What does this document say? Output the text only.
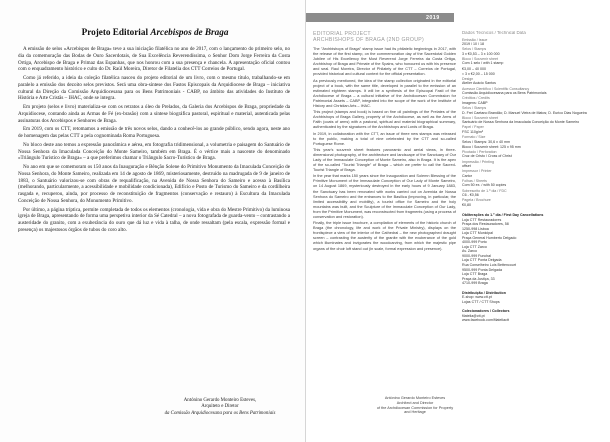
Projeto Editorial Arcebispos de Braga

A emissão de selos «Arcebispos de Braga» teve a sua iniciação filatélica no ano de 2017, com o lançamento do primeiro selo, no dia da comemoração das Bodas de Ouro Sacerdotais, de Sua Excelência Reverendíssima, o Senhor Dom Jorge Ferreira da Costa Ortiga, Arcebispo de Braga e Primaz das Espanhas, que nos honrou com a sua presença e chancela. A apresentação oficial contou com o enquadramento histórico e culto do Dr. Raúl Moreira, Diretor de Filatelia dos CTT Correios de Portugal.

Como já referido, a ideia da coleção filatélica nasceu do projeto editorial de um livro, com o mesmo título, trabalhando-se em paralelo a emissão dos dezoito selos previstos. Será uma obra-síntese dos Fastos Episcopais da Arquidiocese de Braga – iniciativa cultural da Direção da Comissão Arquidiocesana para os Bens Patrimoniais - CABP, no âmbito das atividades do Instituto de História e Arte Cristãs – IHAC, onde se integra.

Em projeto (selos e livro) materializa-se com os retratos a óleo do Prelados, da Galeria dos Arcebispos de Braga, propriedade da Arquidiocese, contando ainda as Armas de Fé (ex-brasão) com a síntese biográfica pastoral, espiritual e material, autenticada pelas assinaturas dos Arcebispos e Senhores de Braga.

Em 2019, com os CTT, retomamos a emissão de três novos selos, dando a conhecê-los ao grande público, sendo agora, neste ano de homenagem das pelas CTT a pela cognominada Roma Portuguesa.

No bloco deste ano temos a expressão panorâmica e aérea, em fotografia tridimensional, a volumetria e paisagem do Santuário de Nossa Senhora da Imaculada Conceição do Monte Sameiro, também em Braga. É o vértice mais a nascente do denominado «Triângulo Turístico de Braga» – a que preferimos chamar o Triângulo Sacro-Turístico de Braga.

No ano em que se comemoram os 150 anos da Inauguração e Bênção Solene do Primitivo Monumento da Imaculada Conceição de Nossa Senhora, do Monte Sameiro, realizada em 14 de agosto de 1869, misteriosamente, destruído na madrugada de 9 de janeiro de 1883, o Santuário valorizou-se com obras de requalificação, na Avenida de Nossa Senhora do Sameiro e acesso à Basílica (melhorando, particularmente, a acessibilidade e mobilidade condicionada), Edifício e Posto de Turismo do Sameiro e da cordilheira rasgada e, recuperou, ainda, por processo de reconstituição de fragmentos (conservação e restauro) à Escultura da Imaculada Conceição de Nossa Senhora, do Monumento Primitivo.

Por último, a página tríptica, permite completada de todos os elementos (cronologia, vida e obra do Mestre Primitivo) da luminosa igreja de Braga, apresentando de forma uma perspetiva interior da Sé Catedral – a nova fotografada de guarda-vento – contrastando a austeridade do granito, com a exuberância do ouro que dá luz e vida à talha, de onde ressaltam (pela escala, expressão formal e presença) os majestosos órgãos de tubos do coro alto.

Antónino Gerardo Monteiro Esteves,
Arquiteto e Diretor
da Comissão Arquidiocesana para os Bens Patrimoniais
2019
EDITORIAL PROJECT
ARCHBISHOPS OF BRAGA (2ND GROUP)

The "Archbishops of Braga" stamp issue had its philatelic beginnings in 2017, with the release of the first stamp, on the commemoration day of the Sacerdotal Golden Jubilee of His Excellency the Most Reverend Jorge Ferreira da Costa Ortiga, Archbishop of Braga and Primate of the Spains, who honoured us with his presence and seal. Raul Moreira, Director of Philately of the CTT – Correios de Portugal, provided historical and cultural context for the official presentation.

As previously mentioned, the idea of the stamp collection originated in the editorial project of a book, with the same title, developed in parallel to the emission of an estimated eighteen stamps. It will be a synthesis of the Episcopal Fasti of the Archdiocese of Braga – a cultural initiative of the Archdiocesan Commission for Patrimonial Assets – CABP, integrated into the scope of the work of the Institute of History and Christian Arts – IHAC.

This project (stamps and book) is based on fine oil paintings of the Prelates of the Archbishops of Braga Gallery, property of the Archdiocese, as well as the Arms of Faith (coats of arms) with a pastoral, spiritual and material biographical summary, authenticated by the signatures of the Archbishops and Lords of Braga.

In 2019, in collaboration with the CTT, an issue of three new stamps was released to the public, making a total of nine celebrated by the CTT and so-called Portuguese Rome.

This year's souvenir sheet features panoramic and aerial views, in three-dimensional photography, of the architecture and landscape of the Sanctuary of Our Lady of the Immaculate Conception of Monte Sameiro, also in Braga. It is the apex of the so-called "Tourist Triangle" of Braga – which we prefer to call the Sacred-Tourist Triangle of Braga.

In the year that marks 150 years since the Inauguration and Solemn Blessing of the Primitive Monument of the Immaculate Conception of Our Lady of Monte Sameiro, on 14 August 1869, mysteriously destroyed in the early hours of 9 January 1883, the Sanctuary has been renovated with works carried out on Avenida de Nossa Senhora do Sameiro and the entrances to the Basilica (improving, in particular, the limited accessibility and mobility), a tourist office for Sameiro and the holy mountains was built, and the Sculpture of the Immaculate Conception of Our Lady, from the Primitive Monument, was reconstructed from fragments (using a process of conservation and restoration).

Finally, the triple issue brochure, a compilation of elements of the historic church of Braga (the chronology, life and work of the Private Ministry), displays on the frontispiece a view of the interior of the Cathedral – the new photographed draught screen – contrasting the austerity of the granite with the exuberance of the gold which illuminates and invigorates the woodcarving, from which the majestic pipe organs of the choir loft stand out (in scale, formal expression and presence).

Antónino Gerardo Monteiro Esteves
Architect and Director
of the Archdiocesan Commission for Property and Heritage
Dados Técnicos / Technical Data
Emissão / Issue
2019 / 10 / 18
Selos / Stamps
3 x €0,53 – 3 x 100 000
Bloco / Souvenir sheet
Com 1 selo / with 1 stamp
€3,00 – 40 000
≈ 3 x €2,00 – 15 000
Design
Atelier Acácio Santos
Acessor Científico / Scientific Consultancy
Comissão Arquidiocesana para os Bens Patrimoniais
Créditos / Credits
Imagens: CABP
Selos / Stamps
D. Frei Caetano Brandão; D. Manuel Vieira de Matos; D. Eurico Dias Nogueira
Bloco / Souvenir sheet
Santuário de Nossa Senhora da Imaculada Conceição do Monte Sameiro
Papel / Paper
FSC 110g/m²
Formato / Size
Selos / Stamps: 30,6 x 40 mm
Bloco / Souvenir sheet: 125 x 95 mm
Picotado / Perforation
Cruz de Cristo / Cross of Christ
Impressão / Printing
offset
Impressor / Printer
Cartor
Folhas / Sheets
Com 50 ex. / with 50 copies
Sobrescrito de 1.º dia / FDC
C6 - €0,56
Pagela / Brochure
€0,80
Obliterações do 1.º dia / First Day Cancellations
Loja CTT Restauradores
Praça dos Restauradores, 58
1250-998 Lisboa
Loja CTT Municipal
Praça General Humberto Delgado
4000-999 Porto
Loja CTT Zarco
Av. Zarco
9000-999 Funchal
Loja CTT Ponta Delgada
Rua Conselheiro Luís Bettencourt
9500-999 Ponta Delgada
Loja CTT Braga
Praça da Justiça, 33
4710-999 Braga
Distribuição / Distribution
E-shop: www.ctt.pt
Lojas CTT / CTT Shops
Colecionadores / Collectors
filatelia@ctt.pt
www.facebook.com/filateliactt
